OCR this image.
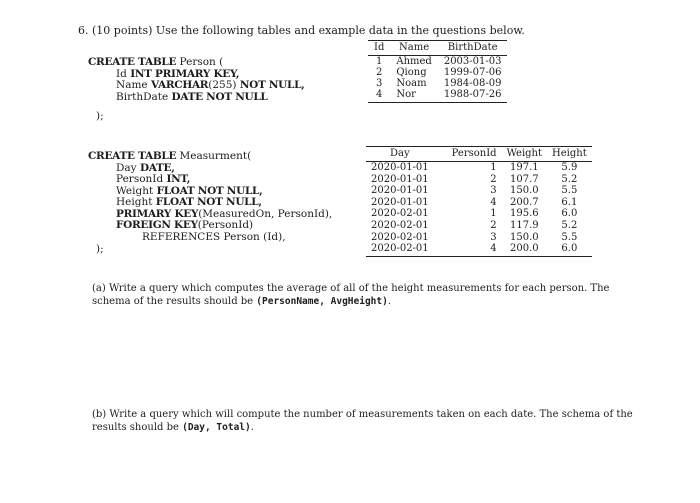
6. (10 points) Use the following tables and example data in the questions below.
CREATE TABLE Person (
Id INT PRIMARY KEY,
Name VARCHAR(255) NOT NULL,
BirthDate DATE NOT NULL
);
Id	Name	BirthDate
1	Ahmed	2003-01-03
2	Qiong	1999-07-06
3	Noam	1984-08-09
4	Nor	1988-07-26
CREATE TABLE Measurment(
Day DATE,
PersonId INT,
Weight FLOAT NOT NULL,
Height FLOAT NOT NULL,
PRIMARY KEY(MeasuredOn, PersonId),
FOREIGN KEY(PersonId)
REFERENCES Person (Id),
);
Day	PersonId	Weight	Height
2020-01-01	1	197.1	5.9
2020-01-01	2	107.7	5.2
2020-01-01	3	150.0	5.5
2020-01-01	4	200.7	6.1
2020-02-01	1	195.6	6.0
2020-02-01	2	117.9	5.2
2020-02-01	3	150.0	5.5
2020-02-01	4	200.0	6.0
(a) Write a query which computes the average of all of the height measurements for each person. The schema of the results should be (PersonName, AvgHeight).
(b) Write a query which will compute the number of measurements taken on each date. The schema of the results should be (Day, Total).
